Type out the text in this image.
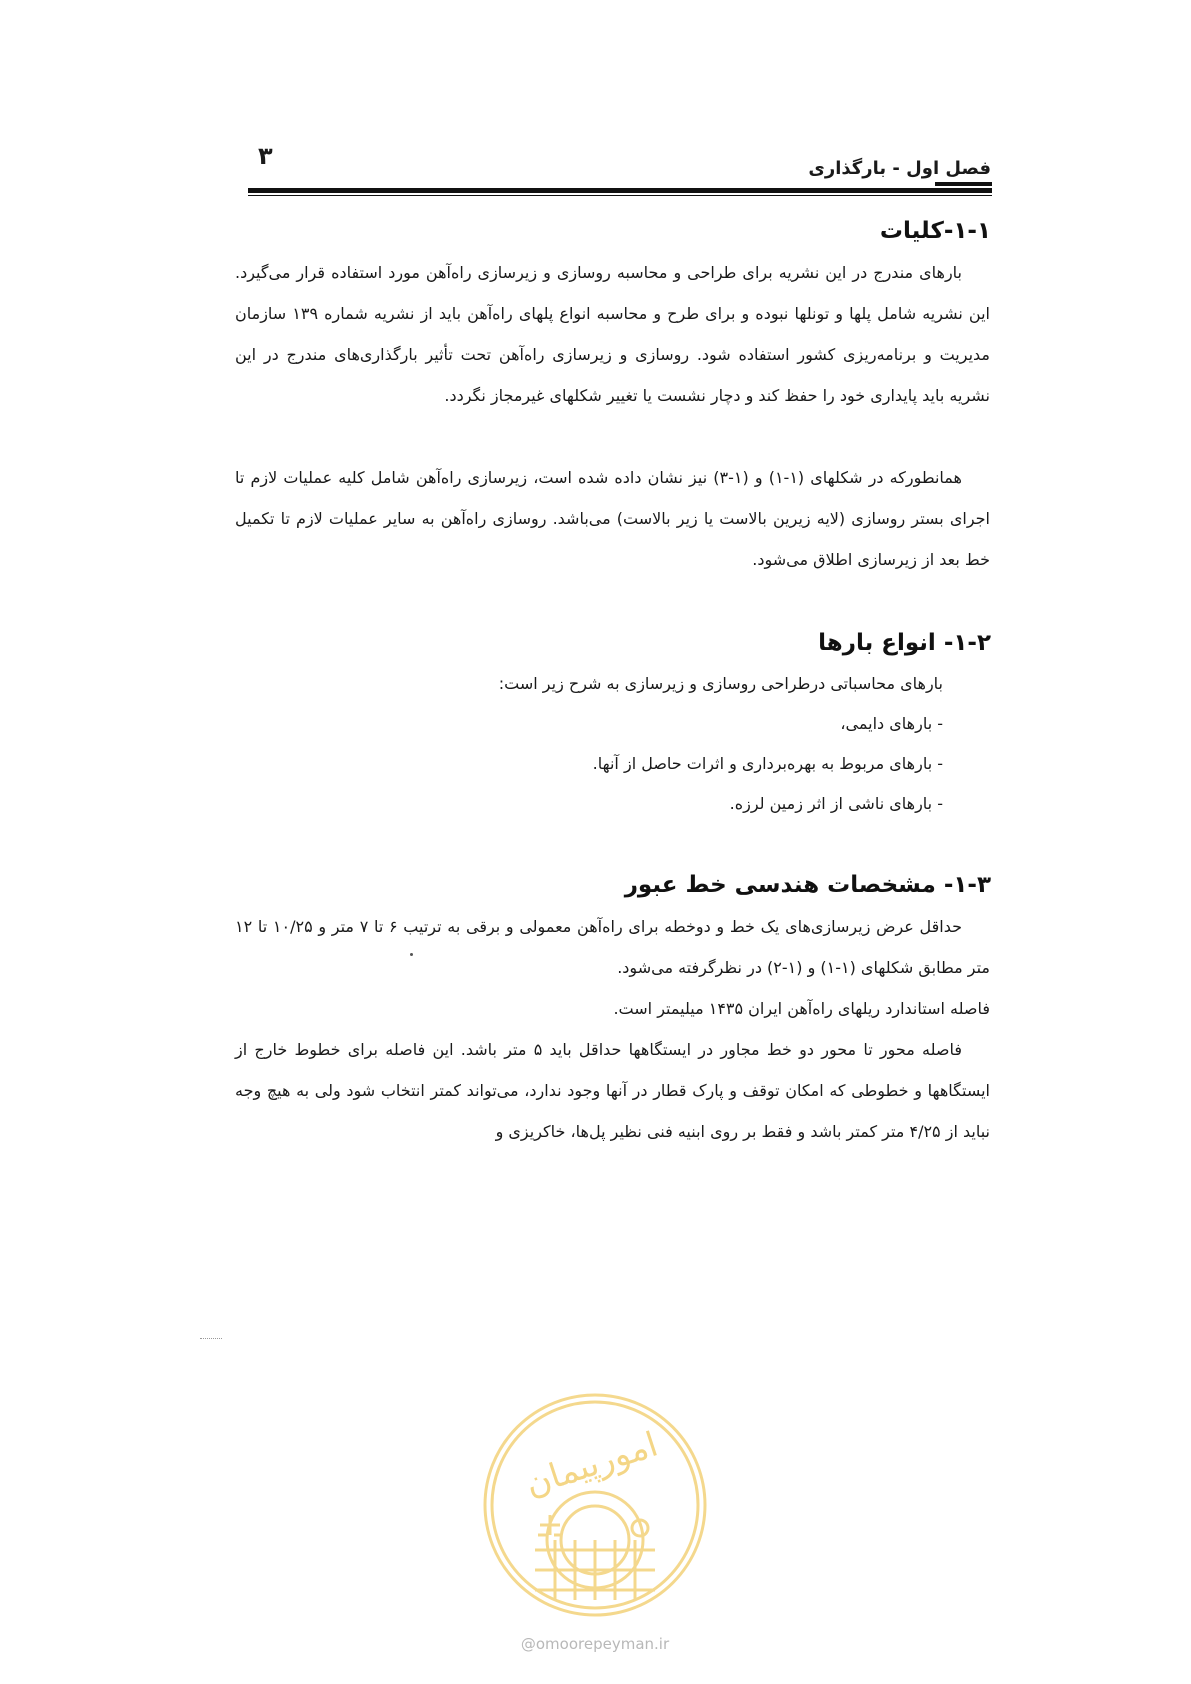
۳	فصل اول - بارگذاری
۱-۱-کلیات

بارهای مندرج در این نشریه برای طراحی و محاسبه روسازی و زیرسازی راه‌آهن مورد استفاده قرار می‌گیرد. این نشریه شامل پلها و تونلها نبوده و برای طرح و محاسبه انواع پلهای راه‌آهن باید از نشریه شماره ۱۳۹ سازمان مدیریت و برنامه‌ریزی کشور استفاده شود. روسازی و زیرسازی راه‌آهن تحت تأثیر بارگذاری‌های مندرج در این نشریه باید پایداری خود را حفظ کند و دچار نشست یا تغییر شکلهای غیرمجاز نگردد.

همانطورکه در شکلهای (۱-۱) و (۱-۳) نیز نشان داده شده است، زیرسازی راه‌آهن شامل کلیه عملیات لازم تا اجرای بستر روسازی (لایه زیرین بالاست یا زیر بالاست) می‌باشد. روسازی راه‌آهن به سایر عملیات لازم تا تکمیل خط بعد از زیرسازی اطلاق می‌شود.

۱-۲- انواع بارها

بارهای محاسباتی درطراحی روسازی و زیرسازی به شرح زیر است:

- بارهای دایمی،
- بارهای مربوط به بهره‌برداری و اثرات حاصل از آنها.
- بارهای ناشی از اثر زمین لرزه.
۱-۳- مشخصات هندسی خط عبور

حداقل عرض زیرسازی‌های یک خط و دوخطه برای راه‌آهن معمولی و برقی به ترتیب ۶ تا ۷ متر و ۱۰/۲۵ تا ۱۲ متر مطابق شکلهای (۱-۱) و (۱-۲) در نظرگرفته می‌شود.

فاصله استاندارد ریلهای راه‌آهن ایران ۱۴۳۵ میلیمتر است.

فاصله محور تا محور دو خط مجاور در ایستگاهها حداقل باید ۵ متر باشد. این فاصله برای خطوط خارج از ایستگاهها و خطوطی که امکان توقف و پارک قطار در آنها وجود ندارد، می‌تواند کمتر انتخاب شود ولی به هیچ وجه نباید از ۴/۲۵ متر کمتر باشد و فقط بر روی ابنیه فنی نظیر پل‌ها، خاکریزی و

امورپیمان
@omoorepeyman.ir
